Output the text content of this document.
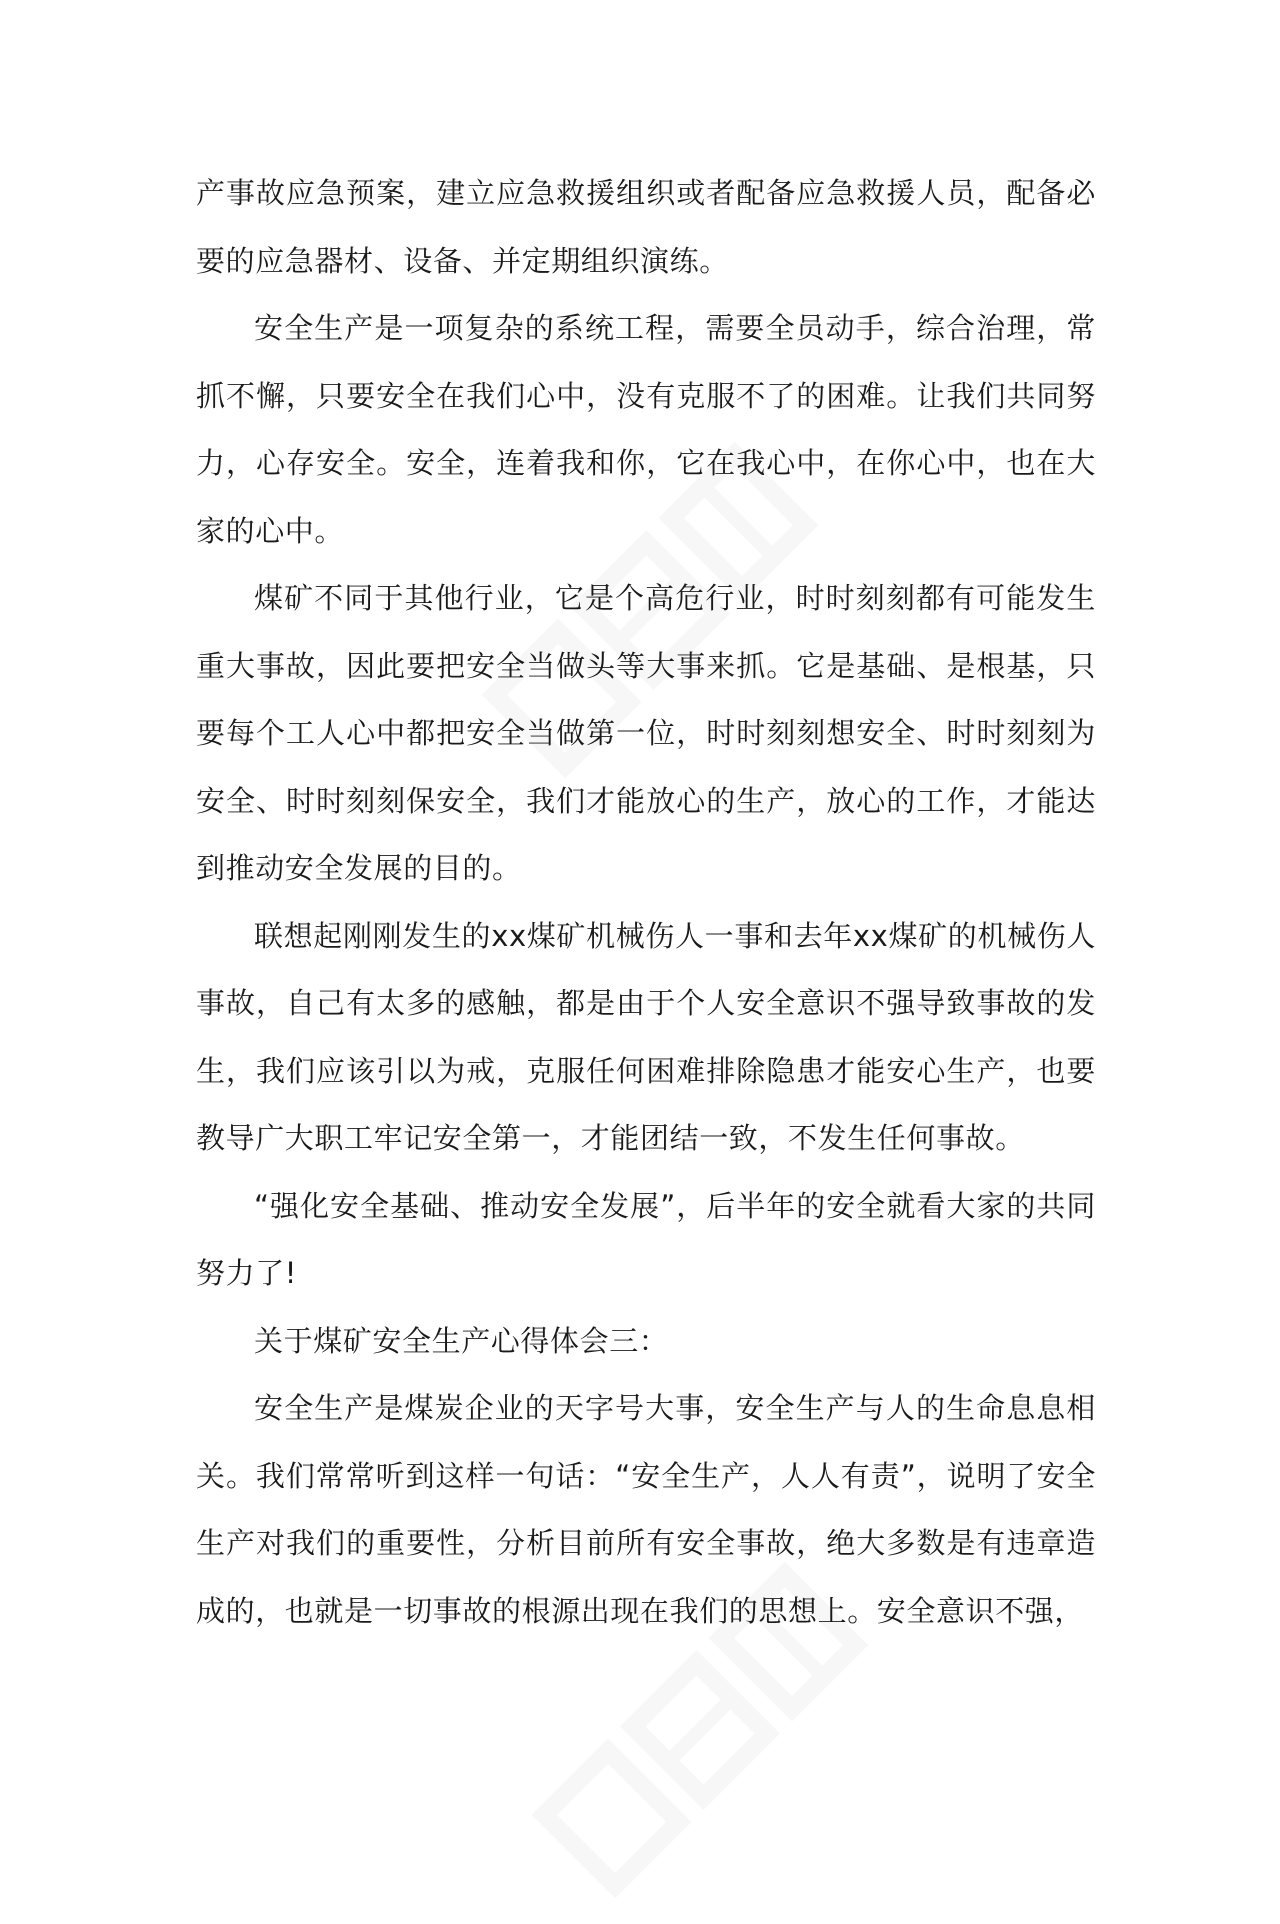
产事故应急预案，建立应急救援组织或者配备应急救援人员，配备必要的应急器材、设备、并定期组织演练。

安全生产是一项复杂的系统工程，需要全员动手，综合治理，常抓不懈，只要安全在我们心中，没有克服不了的困难。让我们共同努力，心存安全。安全，连着我和你，它在我心中，在你心中，也在大家的心中。

煤矿不同于其他行业，它是个高危行业，时时刻刻都有可能发生重大事故，因此要把安全当做头等大事来抓。它是基础、是根基，只要每个工人心中都把安全当做第一位，时时刻刻想安全、时时刻刻为安全、时时刻刻保安全，我们才能放心的生产，放心的工作，才能达到推动安全发展的目的。

联想起刚刚发生的xx煤矿机械伤人一事和去年xx煤矿的机械伤人事故，自己有太多的感触，都是由于个人安全意识不强导致事故的发生，我们应该引以为戒，克服任何困难排除隐患才能安心生产，也要教导广大职工牢记安全第一，才能团结一致，不发生任何事故。

“强化安全基础、推动安全发展”，后半年的安全就看大家的共同努力了!

关于煤矿安全生产心得体会三：

安全生产是煤炭企业的天字号大事，安全生产与人的生命息息相关。我们常常听到这样一句话：“安全生产，人人有责”，说明了安全生产对我们的重要性，分析目前所有安全事故，绝大多数是有违章造成的，也就是一切事故的根源出现在我们的思想上。安全意识不强，
